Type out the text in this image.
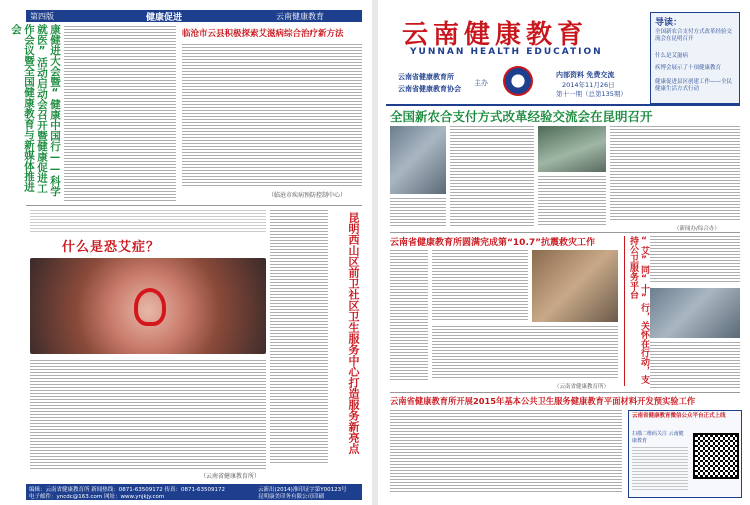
第四版	健康促进	云南健康教育
康健进大会暨“健康中国行——科学就医”活动启动会召开暨健康促进工作会议暨全国健康教育与新媒体推进会	临沧市云县积极探索艾滋病综合治疗新方法
（临沧市疾病预防控制中心）
什么是恐艾症？
（云南省健康教育所）
昆明西山区前卫社区卫生服务中心打造服务新亮点
编辑：云南省健康教育所 新闻热线：0871-63509172 传真：0871-63509172
电子邮件：yncdc@163.com 网址：www.ynjkjy.com
云新出(2014)准印证字第Y00123号
昆明康美印务有限公司印刷
云南健康教育
YUNNAN HEALTH EDUCATION
云南省健康教育所
云南省健康教育协会
主办
内部资料 免费交流
2014年11月26日
第十一期（总第135期）
导读：
全国新农合支付方式改革经验交流会在昆明召开
什么是艾滋病
疾博会展示了十项健康教育
健康促进县区创建工作——全民健康生活方式行动
全国新农合支付方式改革经验交流会在昆明召开
（新闻办/综合办）
云南省健康教育所圆满完成第“10.7”抗震救灾工作
（云南省健康教育所）
“艾”同“十”行，关怀在行动，支持公卫服务平台
云南省健康教育所开展2015年基本公共卫生服务健康教育平面材料开发预实验工作
云南省健康教育微信公众平台正式上线
扫描二维码关注 云南健康教育
